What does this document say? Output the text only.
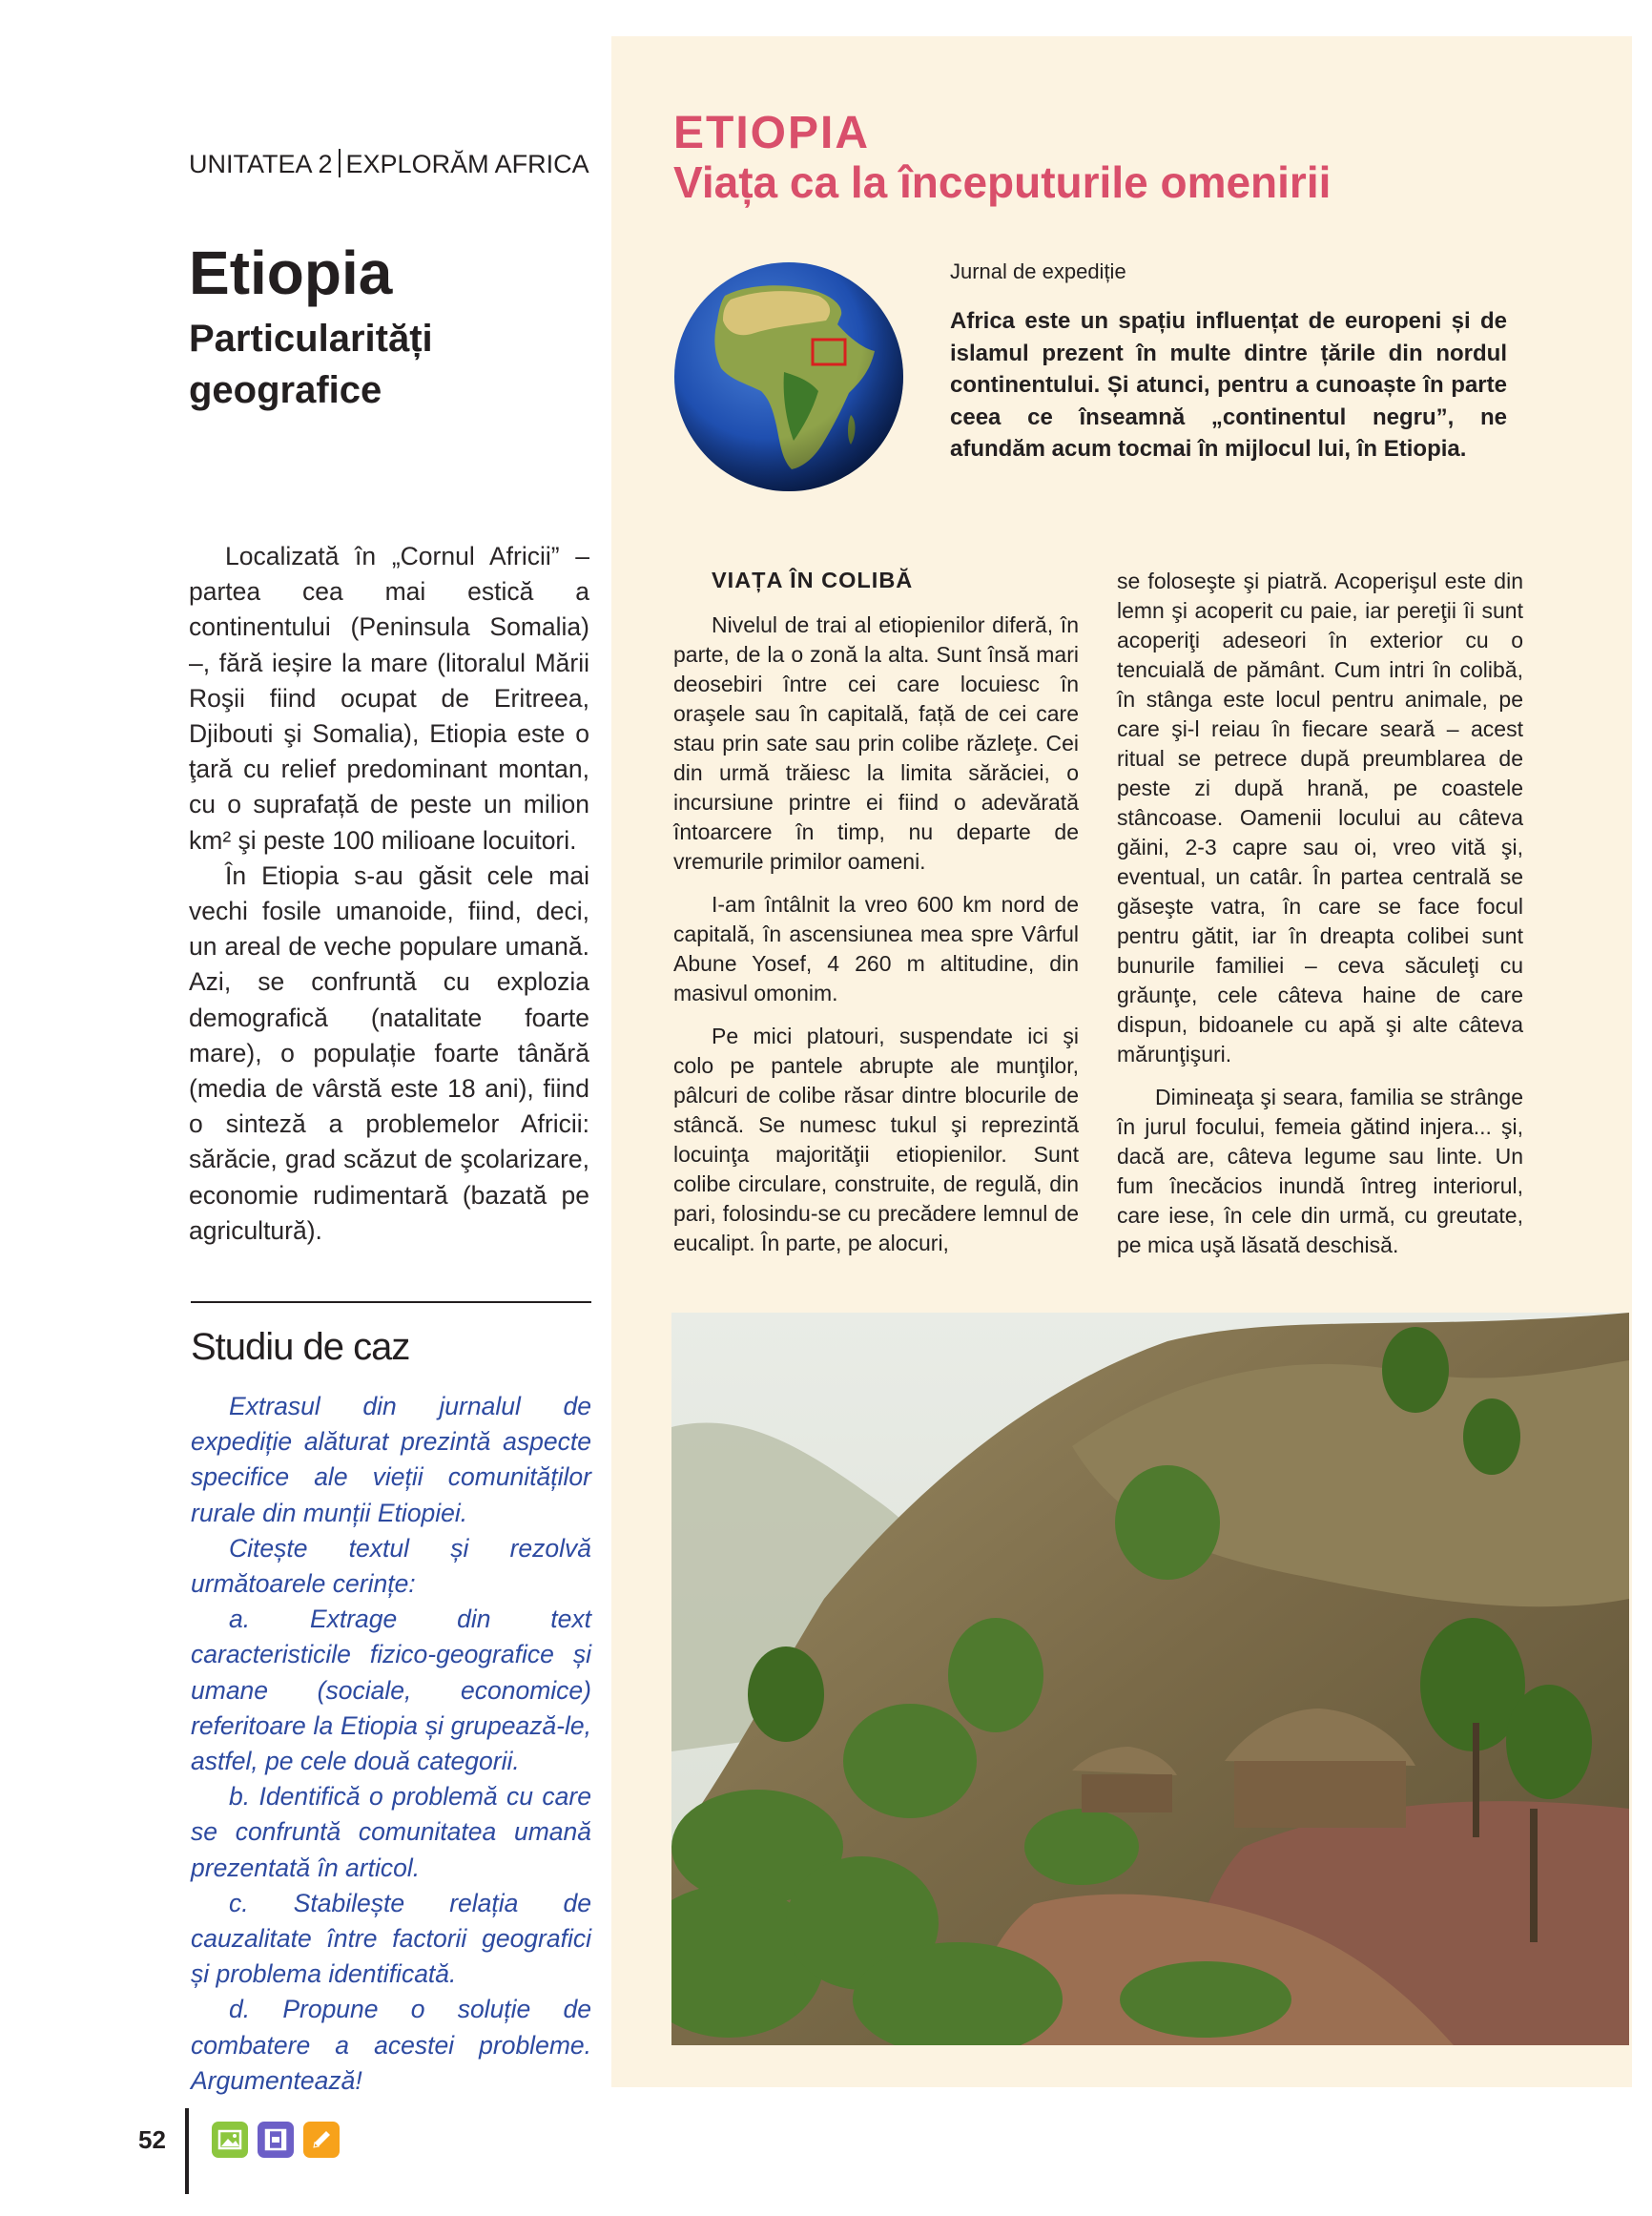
UNITATEA 2 EXPLORĂM AFRICA
Etiopia
Particularități geografice

Localizată în „Cornul Africii” – partea cea mai estică a continentului (Peninsula Somalia) –, fără ieșire la mare (litoralul Mării Roşii fiind ocupat de Eritreea, Djibouti şi Somalia), Etiopia este o ţară cu relief predominant montan, cu o suprafață de peste un milion km² şi peste 100 milioane locuitori.

În Etiopia s-au găsit cele mai vechi fosile umanoide, fiind, deci, un areal de veche populare umană. Azi, se confruntă cu explozia demografică (natalitate foarte mare), o populație foarte tânără (media de vârstă este 18 ani), fiind o sinteză a problemelor Africii: sărăcie, grad scăzut de şcolarizare, economie rudimentară (bazată pe agricultură).

Studiu de caz

Extrasul din jurnalul de expediție alăturat prezintă aspecte specifice ale vieții comunităților rurale din munții Etiopiei.

Citește textul și rezolvă următoarele cerințe:

a. Extrage din text caracteristicile fizico-geografice și umane (sociale, economice) referitoare la Etiopia și grupează-le, astfel, pe cele două categorii.

b. Identifică o problemă cu care se confruntă comunitatea umană prezentată în articol.

c. Stabilește relația de cauzalitate între factorii geografici și problema identificată.

d. Propune o soluție de combatere a acestei probleme. Argumentează!

ETIOPIA
Viața ca la începuturile omenirii
Jurnal de expediție
Africa este un spațiu influențat de europeni și de islamul prezent în multe dintre țările din nordul continentului. Și atunci, pentru a cunoaște în parte ceea ce înseamnă „continentul negru”, ne afundăm acum tocmai în mijlocul lui, în Etiopia.
VIAȚA ÎN COLIBĂ

Nivelul de trai al etiopienilor diferă, în parte, de la o zonă la alta. Sunt însă mari deosebiri între cei care locuiesc în oraşele sau în capitală, față de cei care stau prin sate sau prin colibe răzleţe. Cei din urmă trăiesc la limita sărăciei, o incursiune printre ei fiind o adevărată întoarcere în timp, nu departe de vremurile primilor oameni.

I-am întâlnit la vreo 600 km nord de capitală, în ascensiunea mea spre Vârful Abune Yosef, 4 260 m altitudine, din masivul omonim.

Pe mici platouri, suspendate ici şi colo pe pantele abrupte ale munţilor, pâlcuri de colibe răsar dintre blocurile de stâncă. Se numesc tukul şi reprezintă locuinţa majorităţii etiopienilor. Sunt colibe circulare, construite, de regulă, din pari, folosindu-se cu precădere lemnul de eucalipt. În parte, pe alocuri,

se foloseşte şi piatră. Acoperişul este din lemn şi acoperit cu paie, iar pereţii îi sunt acoperiţi adeseori în exterior cu o tencuială de pământ. Cum intri în colibă, în stânga este locul pentru animale, pe care şi-l reiau în fiecare seară – acest ritual se petrece după preumblarea de peste zi după hrană, pe coastele stâncoase. Oamenii locului au câteva găini, 2-3 capre sau oi, vreo vită şi, eventual, un catâr. În partea centrală se găseşte vatra, în care se face focul pentru gătit, iar în dreapta colibei sunt bunurile familiei – ceva săculeţi cu grăunţe, cele câteva haine de care dispun, bidoanele cu apă şi alte câteva mărunţişuri.

Dimineaţa şi seara, familia se strânge în jurul focului, femeia gătind injera... şi, dacă are, câteva legume sau linte. Un fum înecăcios inundă întreg interiorul, care iese, în cele din urmă, cu greutate, pe mica uşă lăsată deschisă.

52
